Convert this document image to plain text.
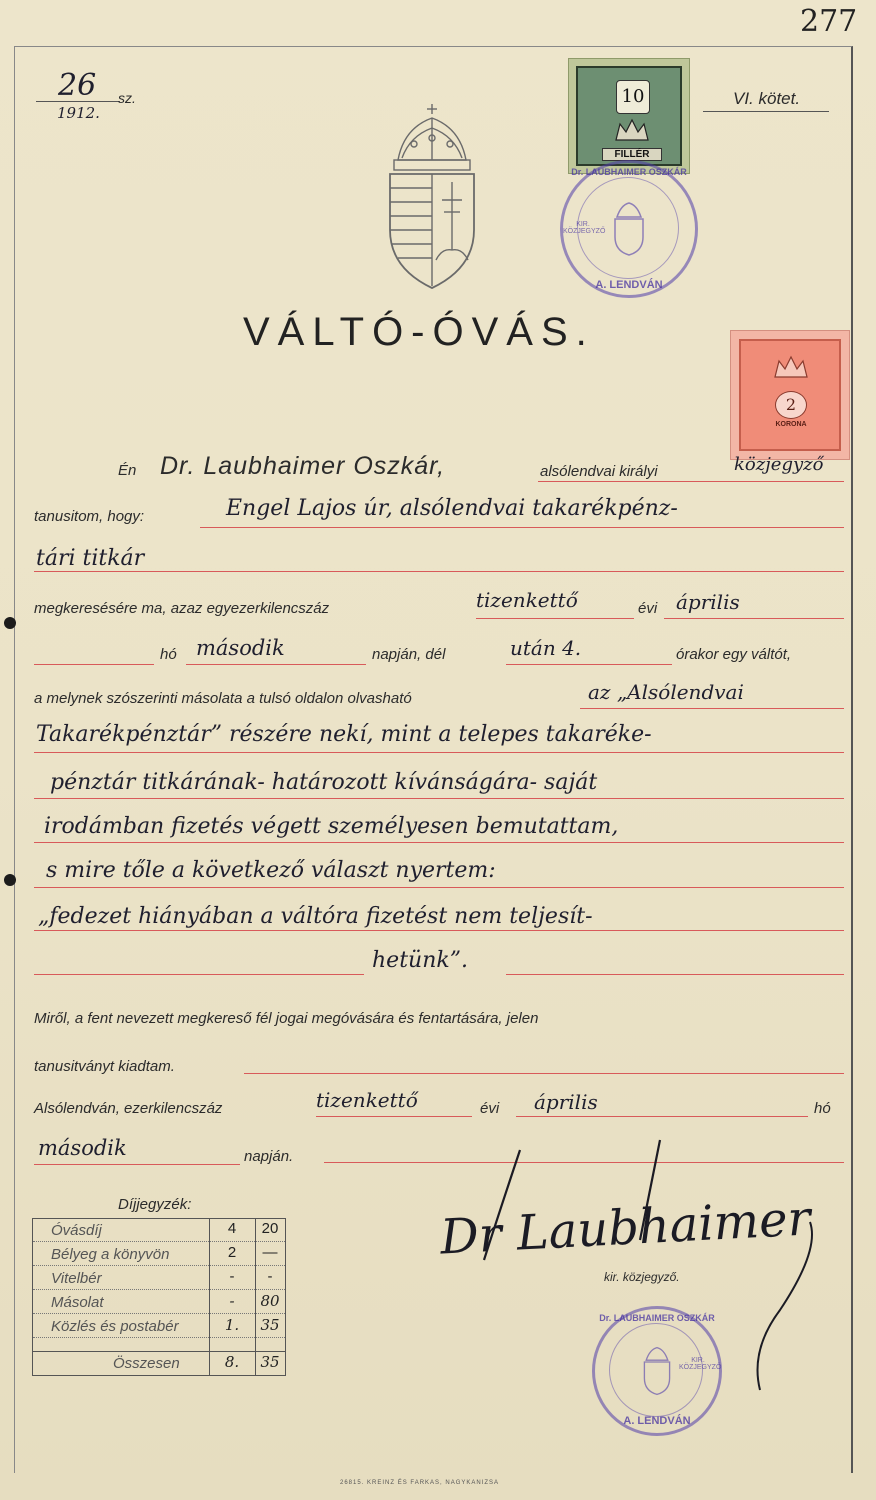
277
26 sz.
1912.
VI. kötet.
10
FILLÉR
2
KORONA
Dr. LAUBHAIMER OSZKÁR
KIR. KÖZJEGYZŐ
A. LENDVÁN
VÁLTÓ-ÓVÁS.
Én Dr. Laubhaimer Oszkár,	alsólendvai királyi	közjegyző
tanusitom, hogy:	Engel Lajos úr, alsólendvai takarékpénz-
tári titkár
megkeresésére ma, azaz egyezerkilencszáz	tizenkettő	évi április
hó második	napján, dél	után 4.	órakor egy váltót,
a melynek szószerinti másolata a tulsó oldalon olvasható	az „Alsólendvai
Takarékpénztár” részére nekí, mint a telepes takaréke-
pénztár titkárának- határozott kívánságára- saját
irodámban fizetés végett személyesen bemutattam,
s mire tőle a következő választ nyertem:
„fedezet hiányában a váltóra fizetést nem teljesít-
hetünk”.
Miről, a fent nevezett megkereső fél jogai megóvására és fentartására, jelen
tanusitványt kiadtam.
Alsólendván, ezerkilencszáz	tizenkettő	évi április	hó
második	napján.
Díjjegyzék:
Óvásdíj	4	20
Bélyeg a könyvön	2	—
Vitelbér	-	-
Másolat	-	80
Közlés és postabér	1.	35
Összesen	8.	35
Dr Laubhaimer
kir. közjegyző.
Dr. LAUBHAIMER OSZKÁR
KIR. KÖZJEGYZŐ
A. LENDVÁN
26815. KREINZ ÉS FARKAS, NAGYKANIZSA
